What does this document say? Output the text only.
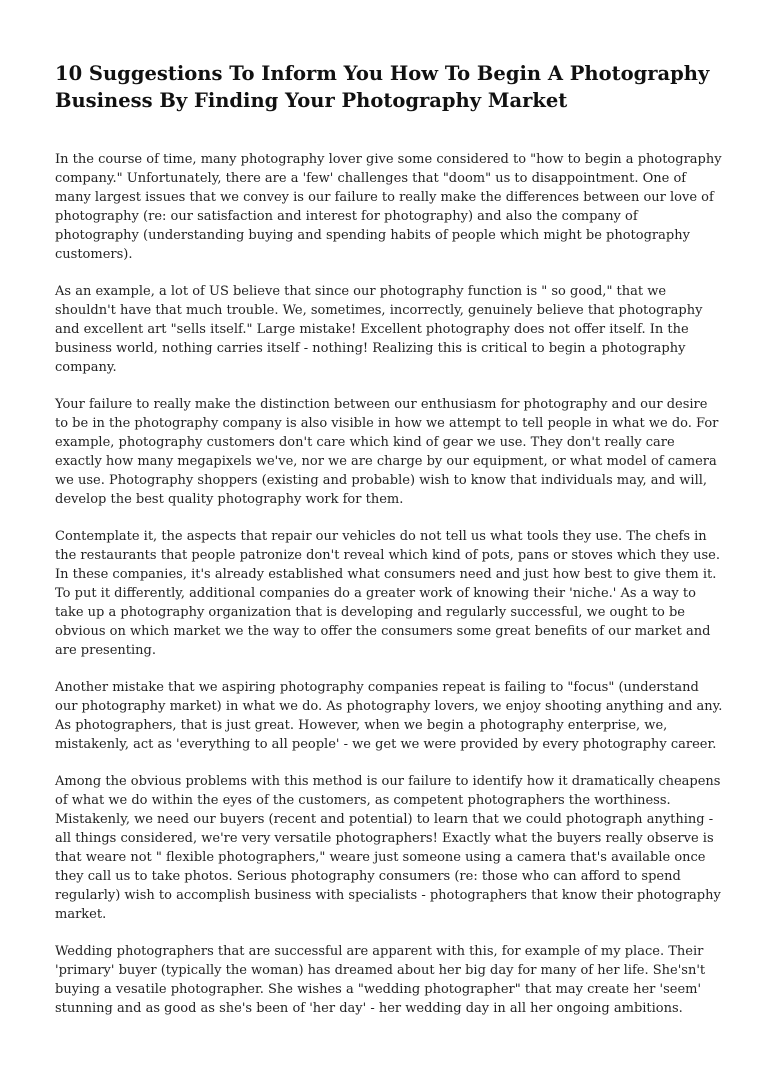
10 Suggestions To Inform You How To Begin A Photography Business By Finding Your Photography Market

In the course of time, many photography lover give some considered to "how to begin a photography company." Unfortunately, there are a 'few' challenges that "doom" us to disappointment. One of many largest issues that we convey is our failure to really make the differences between our love of photography (re: our satisfaction and interest for photography) and also the company of photography (understanding buying and spending habits of people which might be photography customers).

As an example, a lot of US believe that since our photography function is " so good," that we shouldn't have that much trouble. We, sometimes, incorrectly, genuinely believe that photography and excellent art "sells itself." Large mistake! Excellent photography does not offer itself. In the business world, nothing carries itself - nothing! Realizing this is critical to begin a photography company.

Your failure to really make the distinction between our enthusiasm for photography and our desire to be in the photography company is also visible in how we attempt to tell people in what we do. For example, photography customers don't care which kind of gear we use. They don't really care exactly how many megapixels we've, nor we are charge by our equipment, or what model of camera we use. Photography shoppers (existing and probable) wish to know that individuals may, and will, develop the best quality photography work for them.

Contemplate it, the aspects that repair our vehicles do not tell us what tools they use. The chefs in the restaurants that people patronize don't reveal which kind of pots, pans or stoves which they use. In these companies, it's already established what consumers need and just how best to give them it. To put it differently, additional companies do a greater work of knowing their 'niche.' As a way to take up a photography organization that is developing and regularly successful, we ought to be obvious on which market we the way to offer the consumers some great benefits of our market and are presenting.

Another mistake that we aspiring photography companies repeat is failing to "focus" (understand our photography market) in what we do. As photography lovers, we enjoy shooting anything and any. As photographers, that is just great. However, when we begin a photography enterprise, we, mistakenly, act as 'everything to all people' - we get we were provided by every photography career.

Among the obvious problems with this method is our failure to identify how it dramatically cheapens of what we do within the eyes of the customers, as competent photographers the worthiness. Mistakenly, we need our buyers (recent and potential) to learn that we could photograph anything - all things considered, we're very versatile photographers! Exactly what the buyers really observe is that weare not " flexible photographers," weare just someone using a camera that's available once they call us to take photos. Serious photography consumers (re: those who can afford to spend regularly) wish to accomplish business with specialists - photographers that know their photography market.

Wedding photographers that are successful are apparent with this, for example of my place. Their 'primary' buyer (typically the woman) has dreamed about her big day for many of her life. She'sn't buying a vesatile photographer. She wishes a "wedding photographer" that may create her 'seem' stunning and as good as she's been of 'her day' - her wedding day in all her ongoing ambitions.
